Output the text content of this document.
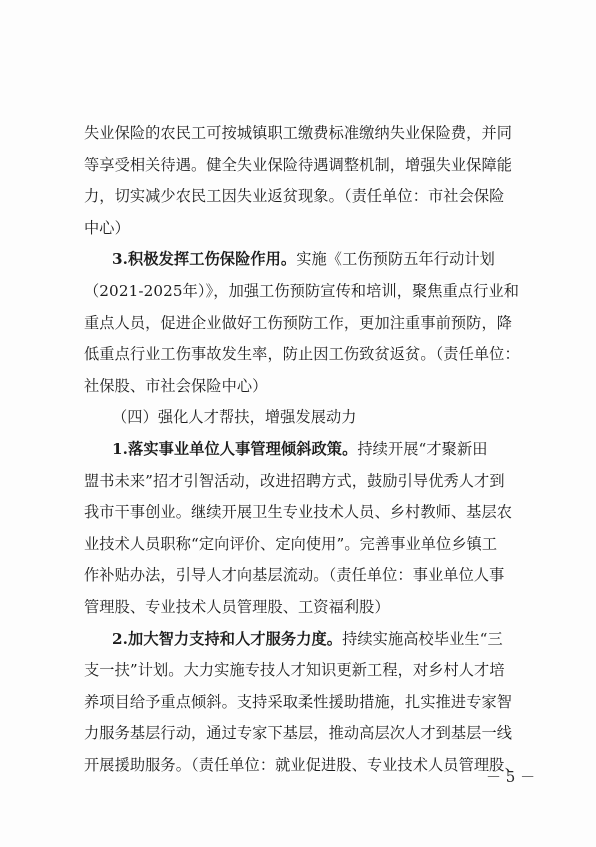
失业保险的农民工可按城镇职工缴费标准缴纳失业保险费，并同
等享受相关待遇。健全失业保险待遇调整机制，增强失业保障能
力，切实减少农民工因失业返贫现象。（责任单位：市社会保险
中心）
3.积极发挥工伤保险作用。实施《工伤预防五年行动计划
（2021-2025年）》，加强工伤预防宣传和培训，聚焦重点行业和
重点人员，促进企业做好工伤预防工作，更加注重事前预防，降
低重点行业工伤事故发生率，防止因工伤致贫返贫。（责任单位：
社保股、市社会保险中心）
（四）强化人才帮扶，增强发展动力
1.落实事业单位人事管理倾斜政策。持续开展“才聚新田
盟书未来”招才引智活动，改进招聘方式，鼓励引导优秀人才到
我市干事创业。继续开展卫生专业技术人员、乡村教师、基层农
业技术人员职称“定向评价、定向使用”。完善事业单位乡镇工
作补贴办法，引导人才向基层流动。（责任单位：事业单位人事
管理股、专业技术人员管理股、工资福利股）
2.加大智力支持和人才服务力度。持续实施高校毕业生“三
支一扶”计划。大力实施专技人才知识更新工程，对乡村人才培
养项目给予重点倾斜。支持采取柔性援助措施，扎实推进专家智
力服务基层行动，通过专家下基层，推动高层次人才到基层一线
开展援助服务。（责任单位：就业促进股、专业技术人员管理股、
－ 5 －
